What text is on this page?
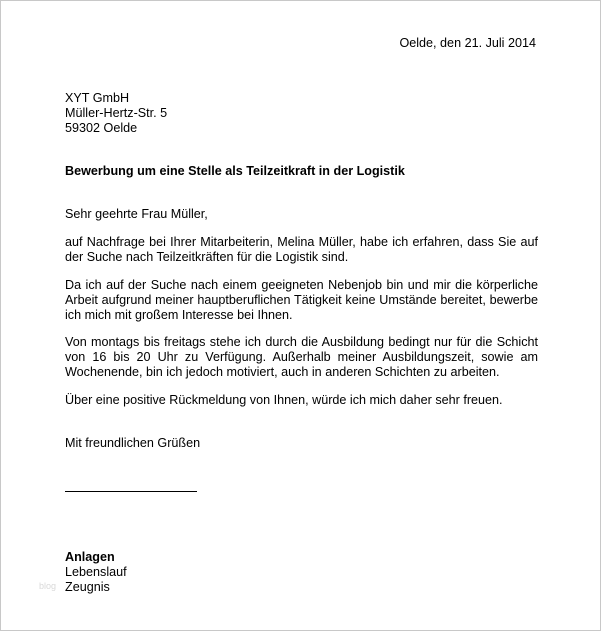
Oelde, den 21. Juli 2014
XYT GmbH
Müller-Hertz-Str. 5
59302 Oelde
Bewerbung um eine Stelle als Teilzeitkraft in der Logistik
Sehr geehrte Frau Müller,
auf Nachfrage bei Ihrer Mitarbeiterin, Melina Müller, habe ich erfahren, dass Sie auf
der Suche nach Teilzeitkräften für die Logistik sind.
Da ich auf der Suche nach einem geeigneten Nebenjob bin und mir die körperliche
Arbeit aufgrund meiner hauptberuflichen Tätigkeit keine Umstände bereitet, bewerbe
ich mich mit großem Interesse bei Ihnen.
Von montags bis freitags stehe ich durch die Ausbildung bedingt nur für die Schicht
von 16 bis 20 Uhr zu Verfügung. Außerhalb meiner Ausbildungszeit, sowie am
Wochenende, bin ich jedoch motiviert, auch in anderen Schichten zu arbeiten.
Über eine positive Rückmeldung von Ihnen, würde ich mich daher sehr freuen.
Mit freundlichen Grüßen
Anlagen
Lebenslauf
Zeugnis
blog
